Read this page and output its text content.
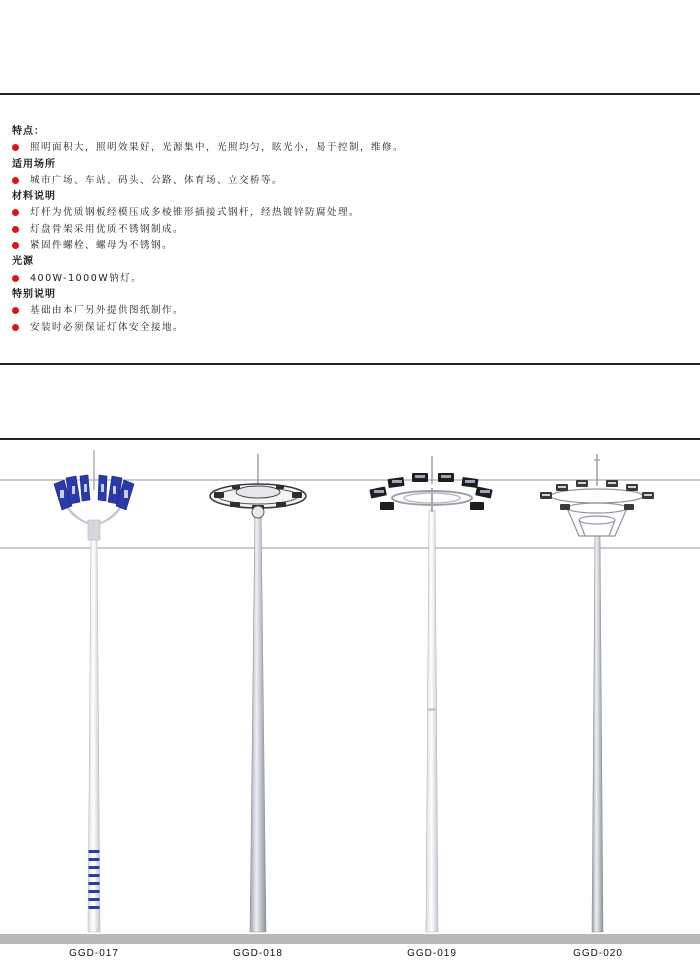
特点：
照明面积大，照明效果好，光源集中，光照均匀，眩光小，易于控制，维修。
适用场所
城市广场、车站、码头、公路、体育场、立交桥等。
材料说明
灯杆为优质钢板经模压成多棱锥形插接式钢杆，经热镀锌防腐处理。
灯盘骨架采用优质不锈钢制成。
紧固件螺栓、螺母为不锈钢。
光源
400W-1000W钠灯。
特别说明
基础由本厂另外提供图纸制作。
安装时必须保证灯体安全接地。
GGD-017	GGD-018	GGD-019	GGD-020
